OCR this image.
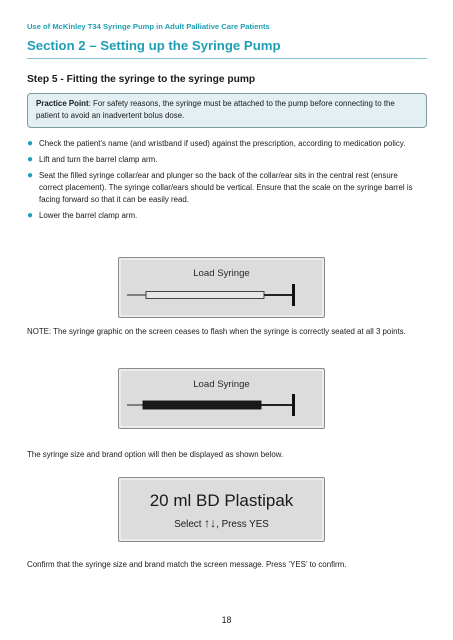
Use of McKinley T34 Syringe Pump in Adult Palliative Care Patients
Section 2 – Setting up the Syringe Pump
Step 5 - Fitting the syringe to the syringe pump
Practice Point: For safety reasons, the syringe must be attached to the pump before connecting to the patient to avoid an inadvertent bolus dose.
● Check the patient’s name (and wristband if used) against the prescription, according to medication policy.
● Lift and turn the barrel clamp arm.
● Seat the filled syringe collar/ear and plunger so the back of the collar/ear sits in the central rest (ensure correct placement). The syringe collar/ears should be vertical. Ensure that the scale on the syringe barrel is facing forward so that it can be easily read.
● Lower the barrel clamp arm.
Load Syringe
NOTE: The syringe graphic on the screen ceases to flash when the syringe is correctly seated at all 3 points.
Load Syringe
The syringe size and brand option will then be displayed as shown below.
20 ml BD Plastipak
Select ↑↓, Press YES
Confirm that the syringe size and brand match the screen message. Press ‘YES’ to confirm.
18
